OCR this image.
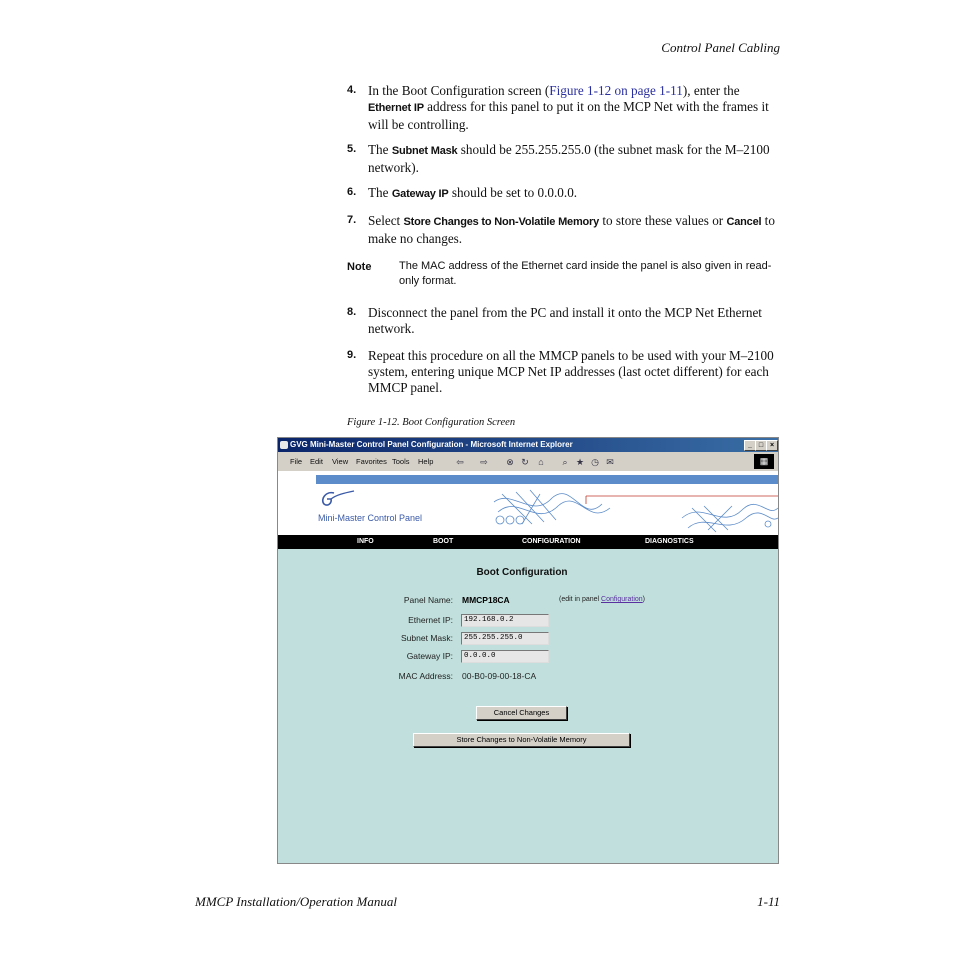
Control Panel Cabling
4. In the Boot Configuration screen (Figure 1-12 on page 1-11), enter the Ethernet IP address for this panel to put it on the MCP Net with the frames it will be controlling.
5. The Subnet Mask should be 255.255.255.0 (the subnet mask for the M–2100 network).
6. The Gateway IP should be set to 0.0.0.0.
7. Select Store Changes to Non-Volatile Memory to store these values or Cancel to make no changes.
Note	The MAC address of the Ethernet card inside the panel is also given in read-only format.
8. Disconnect the panel from the PC and install it onto the MCP Net Ethernet network.
9. Repeat this procedure on all the MMCP panels to be used with your M–2100 system, entering unique MCP Net IP addresses (last octet different) for each MMCP panel.
Figure 1-12. Boot Configuration Screen
GVG Mini-Master Control Panel Configuration - Microsoft Internet Explorer	_ □ ×
File Edit View Favorites Tools Help	⇦ ⇨ ⊗ ↻	⌂	⌕ ★ ◷ ✉	▦
Mini-Master Control Panel
INFO	BOOT	CONFIGURATION	DIAGNOSTICS
Boot Configuration
Panel Name: MMCP18CA	(edit in panel Configuration)
Ethernet IP:	192.168.0.2
Subnet Mask:	255.255.255.0
Gateway IP:	0.0.0.0
MAC Address: 00-B0-09-00-18-CA
Cancel Changes
Store Changes to Non-Volatile Memory
MMCP Installation/Operation Manual	1-11
